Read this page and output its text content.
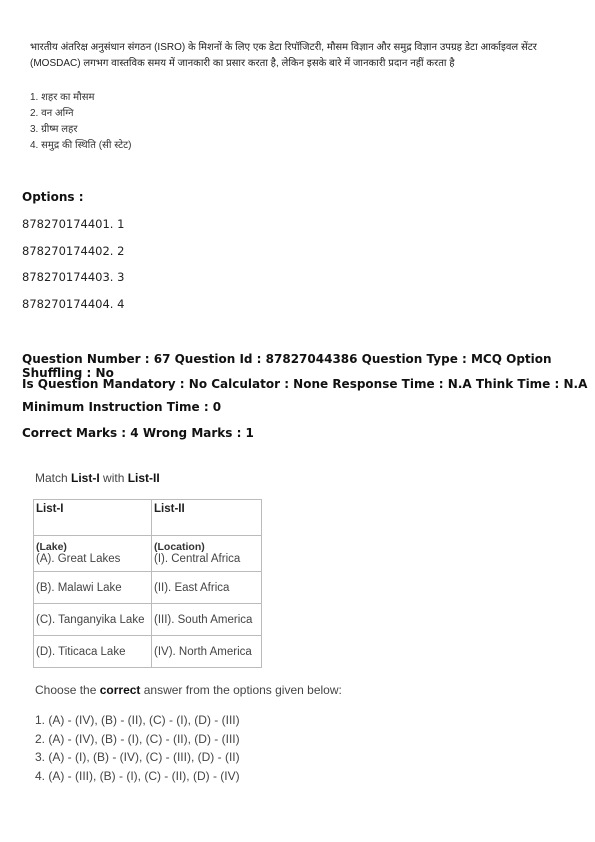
भारतीय अंतरिक्ष अनुसंधान संगठन (ISRO) के मिशनों के लिए एक डेटा रिपॉजिटरी, मौसम विज्ञान और समुद्र विज्ञान उपग्रह डेटा आर्काइवल सेंटर

(MOSDAC) लगभग वास्तविक समय में जानकारी का प्रसार करता है, लेकिन इसके बारे में जानकारी प्रदान नहीं करता है

1. शहर का मौसम
2. वन अग्नि
3. ग्रीष्म लहर
4. समुद्र की स्थिति (सी स्टेट)
Options :
878270174401. 1
878270174402. 2
878270174403. 3
878270174404. 4
Question Number : 67 Question Id : 87827044386 Question Type : MCQ Option Shuffling : No
Is Question Mandatory : No Calculator : None Response Time : N.A Think Time : N.A
Minimum Instruction Time : 0
Correct Marks : 4 Wrong Marks : 1
Match List-I with List-II
List-I	List-II
(Lake)	(Location)
(A). Great Lakes	(I). Central Africa
(B). Malawi Lake	(II). East Africa
(C). Tanganyika Lake	(III). South America
(D). Titicaca Lake	(IV). North America
Choose the correct answer from the options given below:
1. (A) - (IV), (B) - (II), (C) - (I), (D) - (III)
2. (A) - (IV), (B) - (I), (C) - (II), (D) - (III)
3. (A) - (I), (B) - (IV), (C) - (III), (D) - (II)
4. (A) - (III), (B) - (I), (C) - (II), (D) - (IV)
